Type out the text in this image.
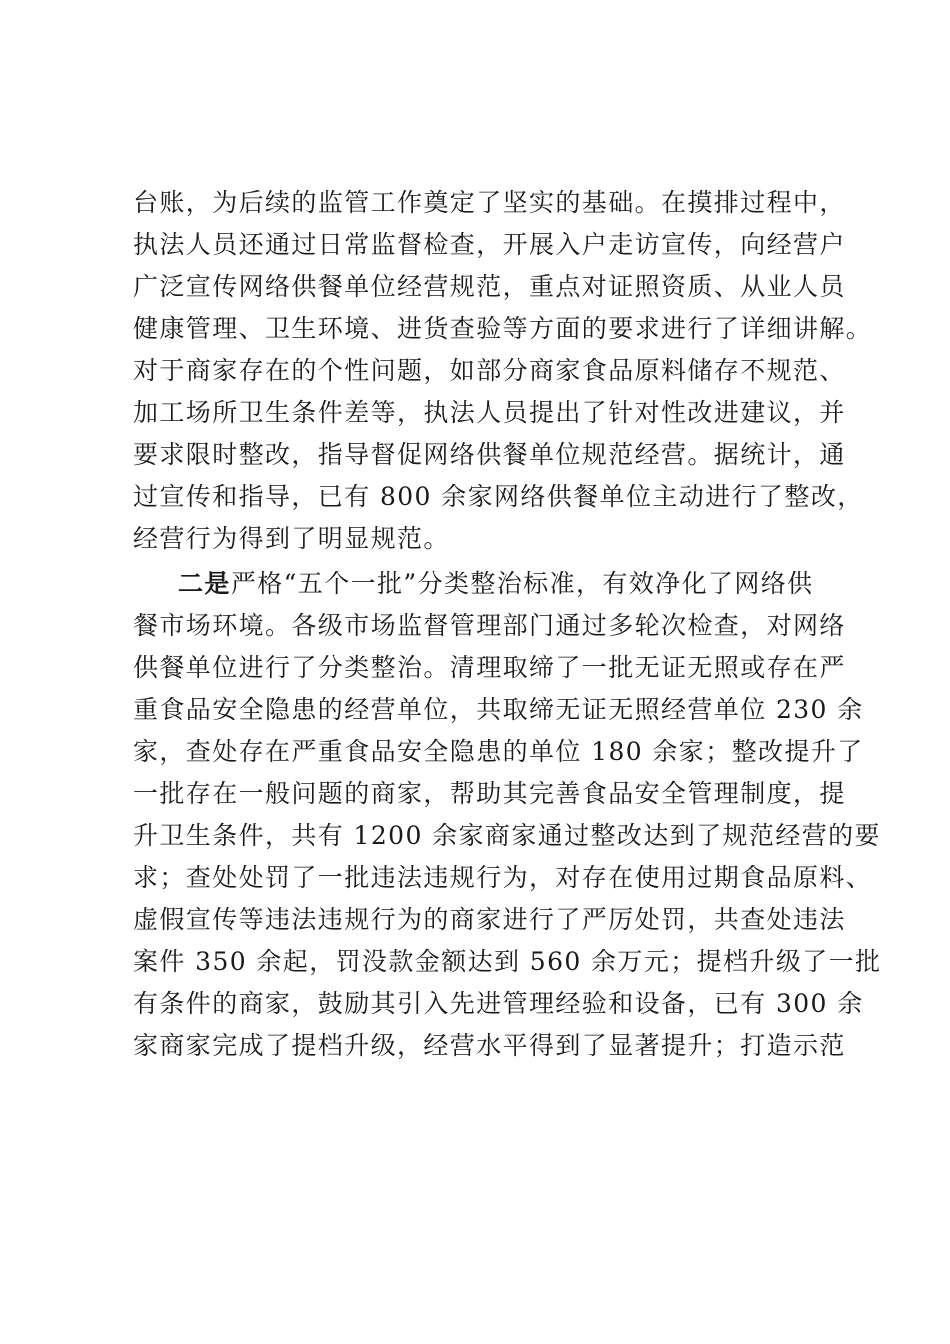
台账，为后续的监管工作奠定了坚实的基础。在摸排过程中，
执法人员还通过日常监督检查，开展入户走访宣传，向经营户
广泛宣传网络供餐单位经营规范，重点对证照资质、从业人员
健康管理、卫生环境、进货查验等方面的要求进行了详细讲解。
对于商家存在的个性问题，如部分商家食品原料储存不规范、
加工场所卫生条件差等，执法人员提出了针对性改进建议，并
要求限时整改，指导督促网络供餐单位规范经营。据统计，通
过宣传和指导，已有 800 余家网络供餐单位主动进行了整改，
经营行为得到了明显规范。
二是严格“五个一批”分类整治标准，有效净化了网络供
餐市场环境。各级市场监督管理部门通过多轮次检查，对网络
供餐单位进行了分类整治。清理取缔了一批无证无照或存在严
重食品安全隐患的经营单位，共取缔无证无照经营单位 230 余
家，查处存在严重食品安全隐患的单位 180 余家；整改提升了
一批存在一般问题的商家，帮助其完善食品安全管理制度，提
升卫生条件，共有 1200 余家商家通过整改达到了规范经营的要
求；查处处罚了一批违法违规行为，对存在使用过期食品原料、
虚假宣传等违法违规行为的商家进行了严厉处罚，共查处违法
案件 350 余起，罚没款金额达到 560 余万元；提档升级了一批
有条件的商家，鼓励其引入先进管理经验和设备，已有 300 余
家商家完成了提档升级，经营水平得到了显著提升；打造示范
